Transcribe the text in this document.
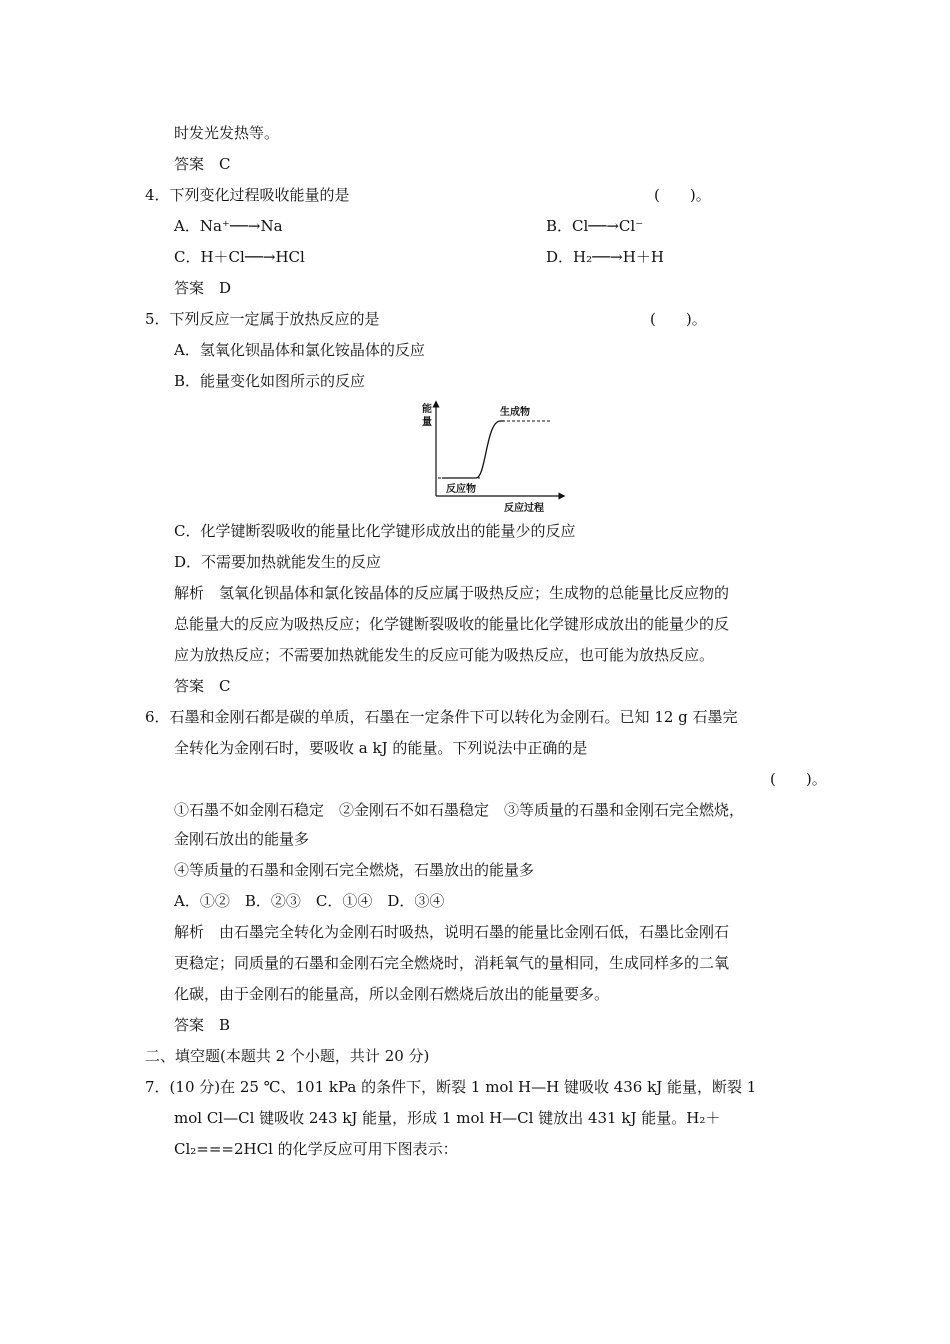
时发光发热等。
答案　C
4．下列变化过程吸收能量的是	(　　)。
A．Na⁺──→Na	B．Cl──→Cl⁻
C．H＋Cl──→HCl	D．H₂──→H＋H
答案　D
5．下列反应一定属于放热反应的是	(　　)。
A．氢氧化钡晶体和氯化铵晶体的反应
B．能量变化如图所示的反应
能
量
生成物
反应物
反应过程
C．化学键断裂吸收的能量比化学键形成放出的能量少的反应
D．不需要加热就能发生的反应
解析　氢氧化钡晶体和氯化铵晶体的反应属于吸热反应；生成物的总能量比反应物的
总能量大的反应为吸热反应；化学键断裂吸收的能量比化学键形成放出的能量少的反
应为放热反应；不需要加热就能发生的反应可能为吸热反应，也可能为放热反应。
答案　C
6．石墨和金刚石都是碳的单质，石墨在一定条件下可以转化为金刚石。已知 12 g 石墨完
全转化为金刚石时，要吸收 a kJ 的能量。下列说法中正确的是
(　　)。
①石墨不如金刚石稳定　②金刚石不如石墨稳定　③等质量的石墨和金刚石完全燃烧，
金刚石放出的能量多
④等质量的石墨和金刚石完全燃烧，石墨放出的能量多
A．①②　B．②③　C．①④　D．③④
解析　由石墨完全转化为金刚石时吸热，说明石墨的能量比金刚石低，石墨比金刚石
更稳定；同质量的石墨和金刚石完全燃烧时，消耗氧气的量相同，生成同样多的二氧
化碳，由于金刚石的能量高，所以金刚石燃烧后放出的能量要多。
答案　B
二、填空题(本题共 2 个小题，共计 20 分)
7．(10 分)在 25 ℃、101 kPa 的条件下，断裂 1 mol H—H 键吸收 436 kJ 能量，断裂 1
mol Cl—Cl 键吸收 243 kJ 能量，形成 1 mol H—Cl 键放出 431 kJ 能量。H₂＋
Cl₂===2HCl 的化学反应可用下图表示：
